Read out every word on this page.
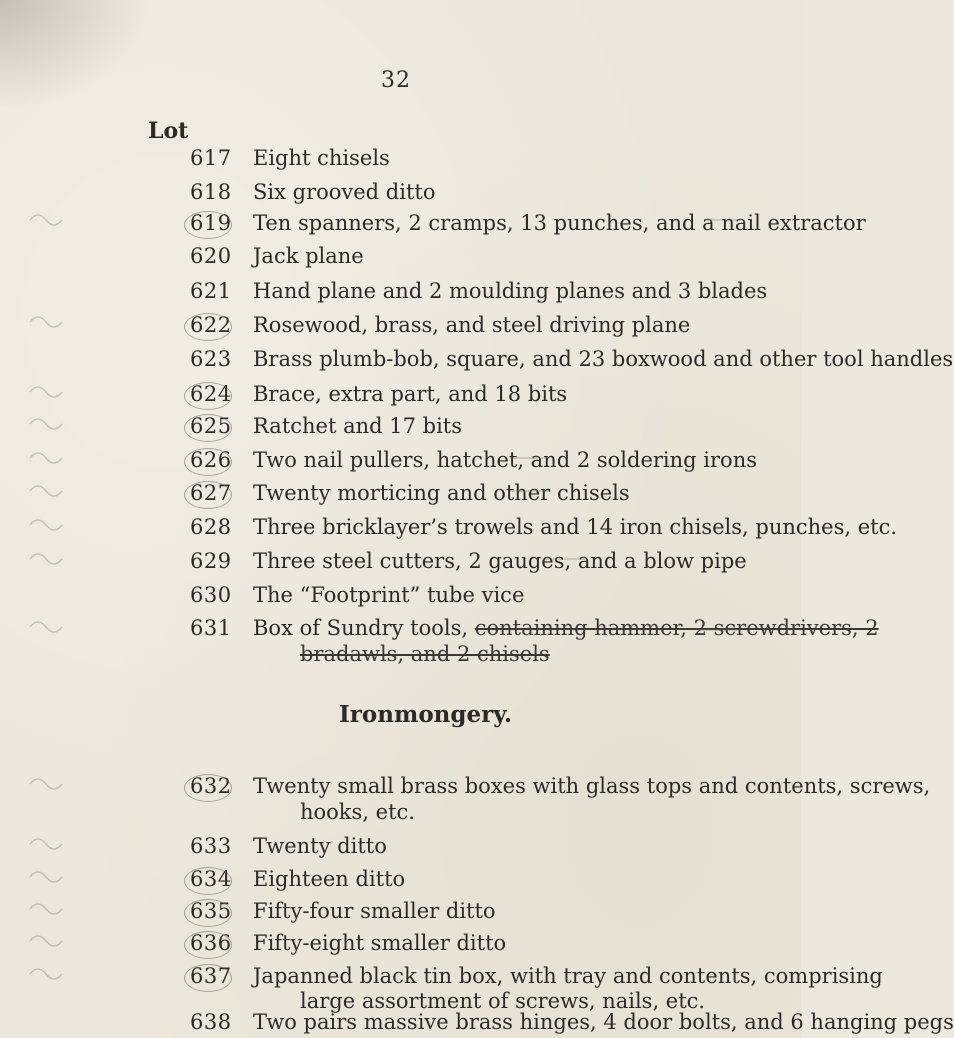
32
Lot
617	Eight chisels
618	Six grooved ditto
619	Ten spanners, 2 cramps, 13 punches, and a nail extractor
620	Jack plane
621	Hand plane and 2 moulding planes and 3 blades
622	Rosewood, brass, and steel driving plane
623	Brass plumb-bob, square, and 23 boxwood and other tool handles
624	Brace, extra part, and 18 bits
625	Ratchet and 17 bits
626	Two nail pullers, hatchet, and 2 soldering irons
627	Twenty morticing and other chisels
628	Three bricklayer’s trowels and 14 iron chisels, punches, etc.
629	Three steel cutters, 2 gauges, and a blow pipe
630	The “Footprint” tube vice
631	Box of Sundry tools, containing hammer, 2 screwdrivers, 2
bradawls, and 2 chisels
Ironmongery.
632	Twenty small brass boxes with glass tops and contents, screws,
hooks, etc.
633	Twenty ditto
634	Eighteen ditto
635	Fifty-four smaller ditto
636	Fifty-eight smaller ditto
637	Japanned black tin box, with tray and contents, comprising
large assortment of screws, nails, etc.
638	Two pairs massive brass hinges, 4 door bolts, and 6 hanging pegs
